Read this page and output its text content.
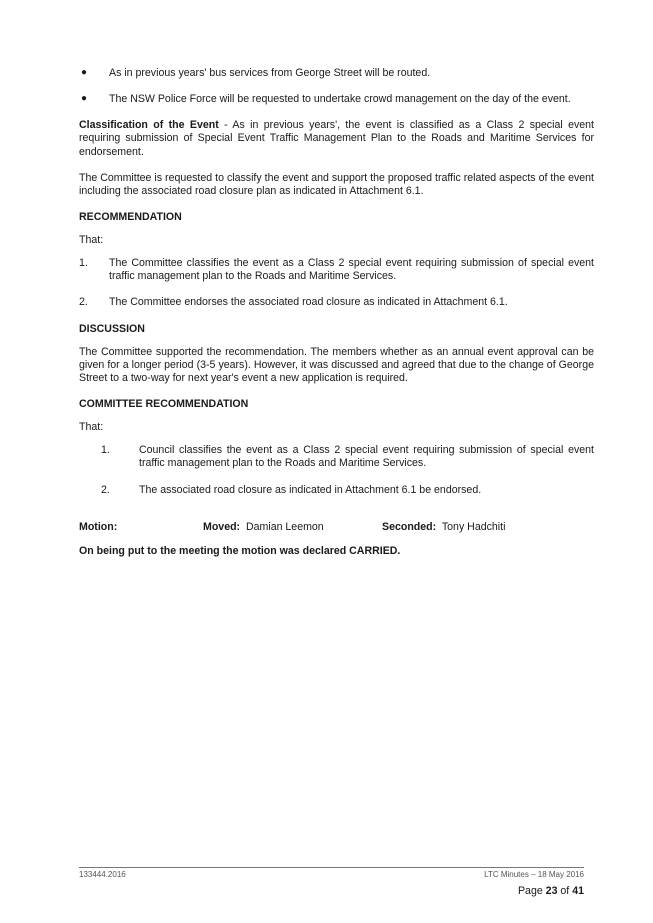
● As in previous years' bus services from George Street will be routed.

● The NSW Police Force will be requested to undertake crowd management on the day of the event.

Classification of the Event - As in previous years', the event is classified as a Class 2 special event requiring submission of Special Event Traffic Management Plan to the Roads and Maritime Services for endorsement.

The Committee is requested to classify the event and support the proposed traffic related aspects of the event including the associated road closure plan as indicated in Attachment 6.1.

RECOMMENDATION

That:

1. The Committee classifies the event as a Class 2 special event requiring submission of special event traffic management plan to the Roads and Maritime Services.

2. The Committee endorses the associated road closure as indicated in Attachment 6.1.

DISCUSSION

The Committee supported the recommendation. The members whether as an annual event approval can be given for a longer period (3-5 years). However, it was discussed and agreed that due to the change of George Street to a two-way for next year's event a new application is required.

COMMITTEE RECOMMENDATION

That:

1.	Council classifies the event as a Class 2 special event requiring submission of special event traffic management plan to the Roads and Maritime Services.

2.	The associated road closure as indicated in Attachment 6.1 be endorsed.

Motion:	Moved: Damian Leemon	Seconded: Tony Hadchiti

On being put to the meeting the motion was declared CARRIED.

133444.2016	LTC Minutes – 18 May 2016
Page 23 of 41
